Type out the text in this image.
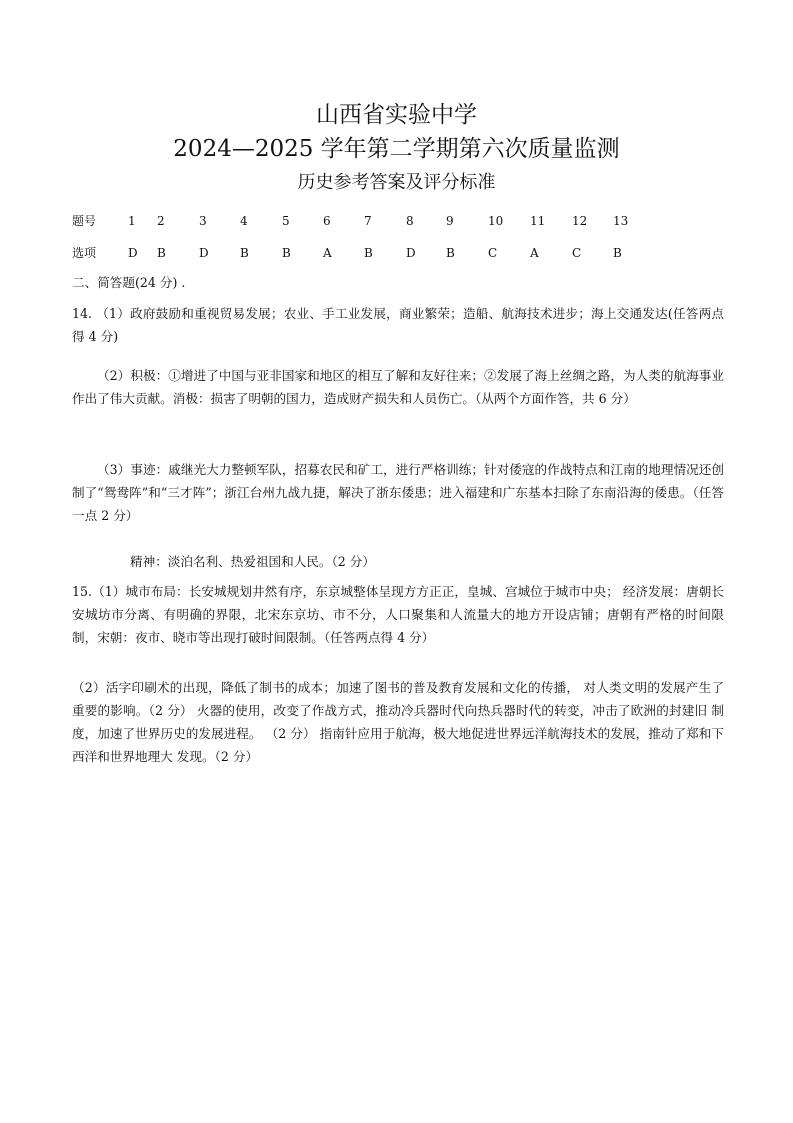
山西省实验中学
2024—2025 学年第二学期第六次质量监测
历史参考答案及评分标准
题号	1 2	3	4	5	6	7	8	9	10 11 12 13
选项	D B	D	B	B	A	B	D	B	C	A	C	B
二、简答题(24 分) .
14. （1）政府鼓励和重视贸易发展；农业、手工业发展，商业繁荣；造船、航海技术进步；海上交通发达(任答两点得 4 分)
（2）积极：①增进了中国与亚非国家和地区的相互了解和友好往来；②发展了海上丝绸之路，为人类的航海事业作出了伟大贡献。消极：损害了明朝的国力，造成财产损失和人员伤亡。（从两个方面作答，共 6 分）
（3）事迹：戚继光大力整顿军队，招募农民和矿工，进行严格训练；针对倭寇的作战特点和江南的地理情况还创制了“鸳鸯阵”和“三才阵”；浙江台州九战九捷，解决了浙东倭患；进入福建和广东基本扫除了东南沿海的倭患。（任答一点 2 分）
精神：淡泊名利、热爱祖国和人民。（2 分）
15.（1）城市布局：长安城规划井然有序，东京城整体呈现方方正正，皇城、宫城位于城市中央； 经济发展：唐朝长安城坊市分离、有明确的界限，北宋东京坊、市不分，人口聚集和人流量大的地方开设店铺；唐朝有严格的时间限制，宋朝：夜市、晓市等出现打破时间限制。（任答两点得 4 分）
（2）活字印刷术的出现，降低了制书的成本；加速了图书的普及教育发展和文化的传播， 对人类文明的发展产生了重要的影响。（2 分） 火器的使用，改变了作战方式，推动冷兵器时代向热兵器时代的转变，冲击了欧洲的封建旧 制度，加速了世界历史的发展进程。 （2 分） 指南针应用于航海，极大地促进世界远洋航海技术的发展，推动了郑和下西洋和世界地理大 发现。（2 分）
